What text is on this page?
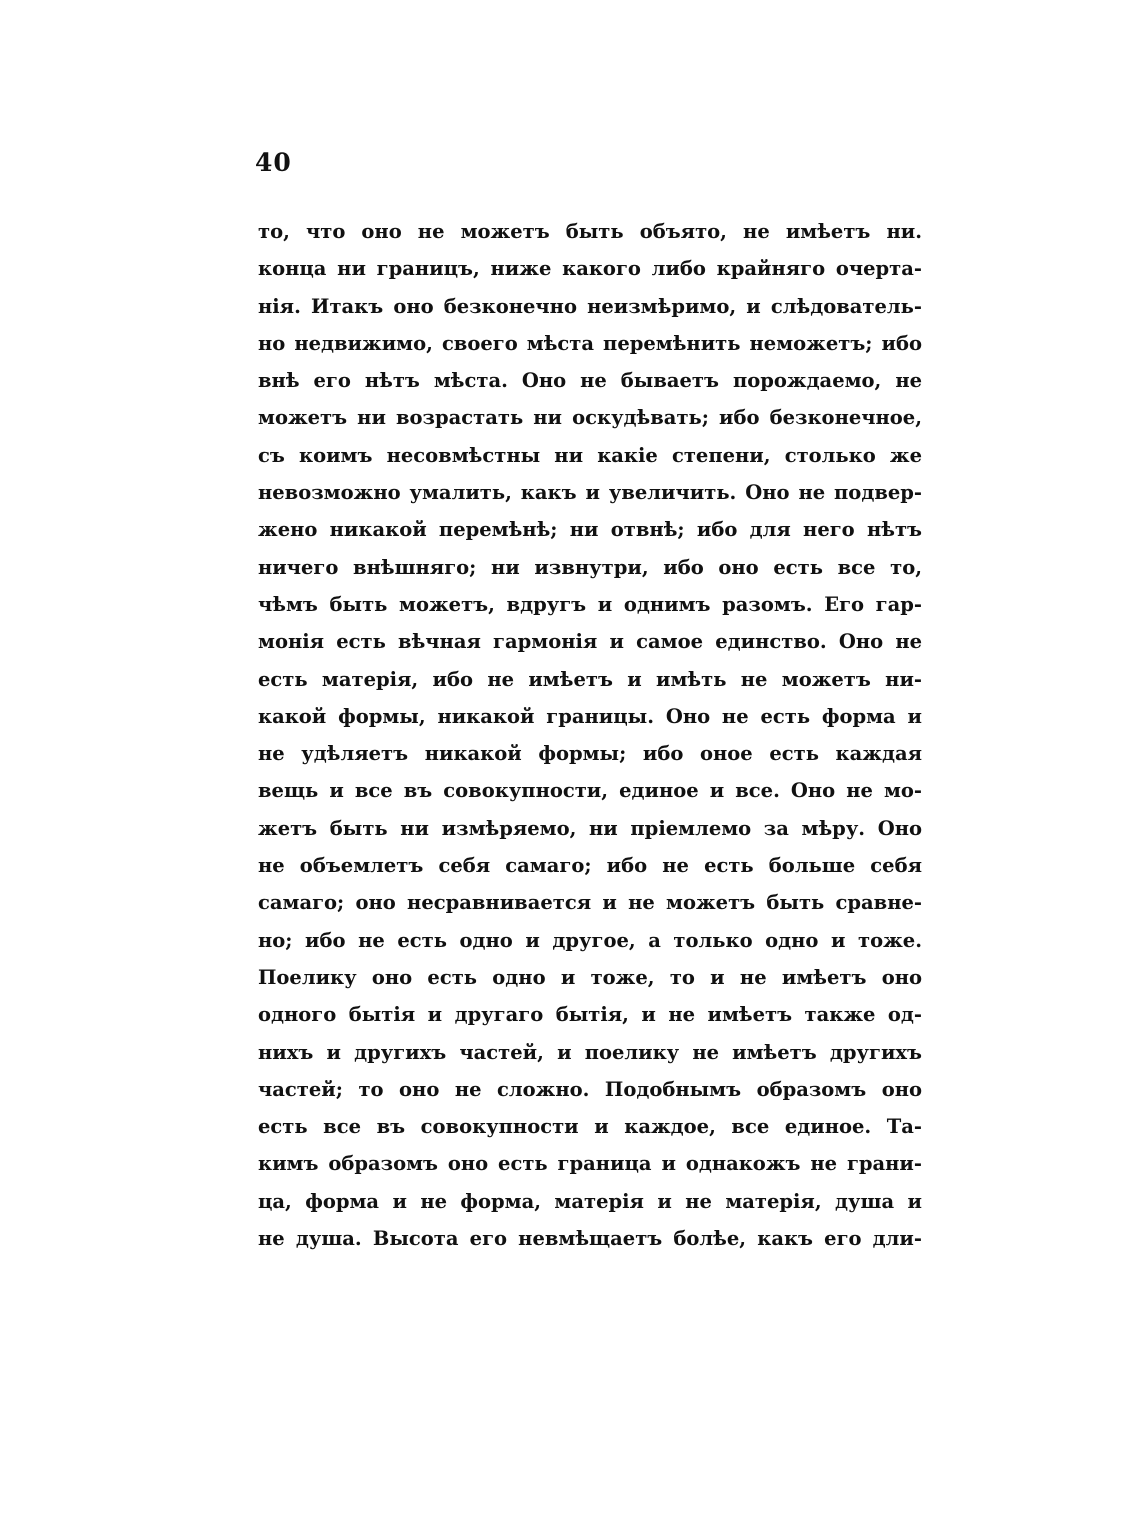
40
то, что оно не можетъ быть объято, не имѣетъ ни.
конца ни границъ, ниже какого либо крайняго очерта-
нія. Итакъ оно безконечно неизмѣримо, и слѣдователь-
но недвижимо, своего мѣста перемѣнить неможетъ; ибо
внѣ его нѣтъ мѣста. Оно не бываетъ порождаемо, не
можетъ ни возрастать ни оскудѣвать; ибо безконечное,
съ коимъ несовмѣстны ни какіе степени, столько же
невозможно умалить, какъ и увеличить. Оно не подвер-
жено никакой перемѣнѣ; ни отвнѣ; ибо для него нѣтъ
ничего внѣшняго; ни извнутри, ибо оно есть все то,
чѣмъ быть можетъ, вдругъ и однимъ разомъ. Его гар-
монія есть вѣчная гармонія и самое единство. Оно не
есть матерія, ибо не имѣетъ и имѣть не можетъ ни-
какой формы, никакой границы. Оно не есть форма и
не удѣляетъ никакой формы; ибо оное есть каждая
вещь и все въ совокупности, единое и все. Оно не мо-
жетъ быть ни измѣряемо, ни пріемлемо за мѣру. Оно
не объемлетъ себя самаго; ибо не есть больше себя
самаго; оно несравнивается и не можетъ быть сравне-
но; ибо не есть одно и другое, а только одно и тоже.
Поелику оно есть одно и тоже, то и не имѣетъ оно
одного бытія и другаго бытія, и не имѣетъ также од-
нихъ и другихъ частей, и поелику не имѣетъ другихъ
частей; то оно не сложно. Подобнымъ образомъ оно
есть все въ совокупности и каждое, все единое. Та-
кимъ образомъ оно есть граница и однакожъ не грани-
ца, форма и не форма, матерія и не матерія, душа и
не душа. Высота его невмѣщаетъ болѣе, какъ его дли-
